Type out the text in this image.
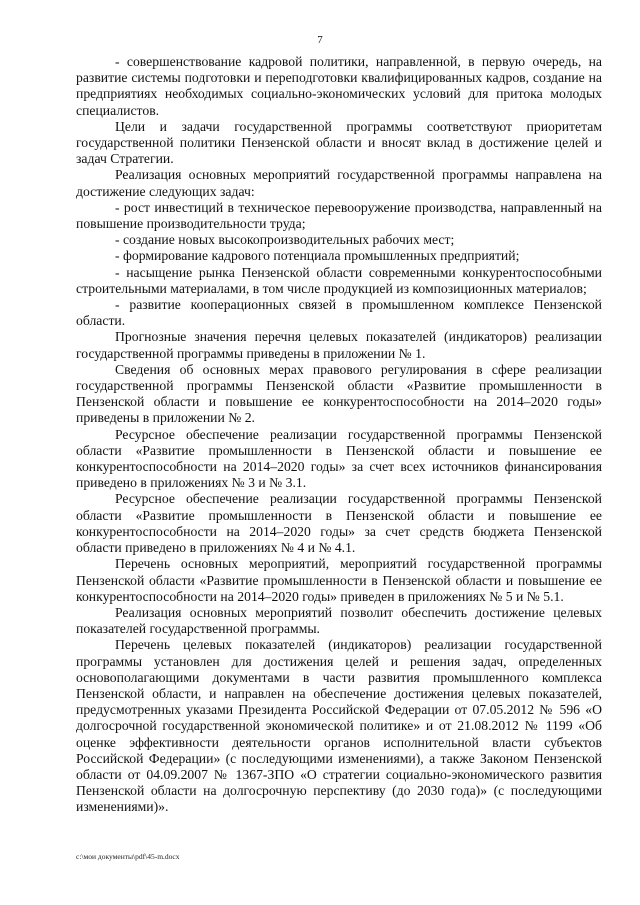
7

- совершенствование кадровой политики, направленной, в первую очередь, на развитие системы подготовки и переподготовки квалифицированных кадров, создание на предприятиях необходимых социально-экономических условий для притока молодых специалистов.

Цели и задачи государственной программы соответствуют приоритетам государственной политики Пензенской области и вносят вклад в достижение целей и задач Стратегии.

Реализация основных мероприятий государственной программы направлена на достижение следующих задач:

- рост инвестиций в техническое перевооружение производства, направленный на повышение производительности труда;

- создание новых высокопроизводительных рабочих мест;

- формирование кадрового потенциала промышленных предприятий;

- насыщение рынка Пензенской области современными конкурентоспособными строительными материалами, в том числе продукцией из композиционных материалов;

- развитие кооперационных связей в промышленном комплексе Пензенской области.

Прогнозные значения перечня целевых показателей (индикаторов) реализации государственной программы приведены в приложении № 1.

Сведения об основных мерах правового регулирования в сфере реализации государственной программы Пензенской области «Развитие промышленности в Пензенской области и повышение ее конкурентоспособности на 2014–2020 годы» приведены в приложении № 2.

Ресурсное обеспечение реализации государственной программы Пензенской области «Развитие промышленности в Пензенской области и повышение ее конкурентоспособности на 2014–2020 годы» за счет всех источников финансирования приведено в приложениях № 3 и № 3.1.

Ресурсное обеспечение реализации государственной программы Пензенской области «Развитие промышленности в Пензенской области и повышение ее конкурентоспособности на 2014–2020 годы» за счет средств бюджета Пензенской области приведено в приложениях № 4 и № 4.1.

Перечень основных мероприятий, мероприятий государственной программы Пензенской области «Развитие промышленности в Пензенской области и повышение ее конкурентоспособности на 2014–2020 годы» приведен в приложениях № 5 и № 5.1.

Реализация основных мероприятий позволит обеспечить достижение целевых показателей государственной программы.

Перечень целевых показателей (индикаторов) реализации государственной программы установлен для достижения целей и решения задач, определенных основополагающими документами в части развития промышленного комплекса Пензенской области, и направлен на обеспечение достижения целевых показателей, предусмотренных указами Президента Российской Федерации от 07.05.2012 № 596 «О долгосрочной государственной экономической политике» и от 21.08.2012 № 1199 «Об оценке эффективности деятельности органов исполнительной власти субъектов Российской Федерации» (с последующими изменениями), а также Законом Пензенской области от 04.09.2007 № 1367-ЗПО «О стратегии социально-экономического развития Пензенской области на долгосрочную перспективу (до 2030 года)» (с последующими изменениями)».

c:\мои документы\pdf\45-m.docx
